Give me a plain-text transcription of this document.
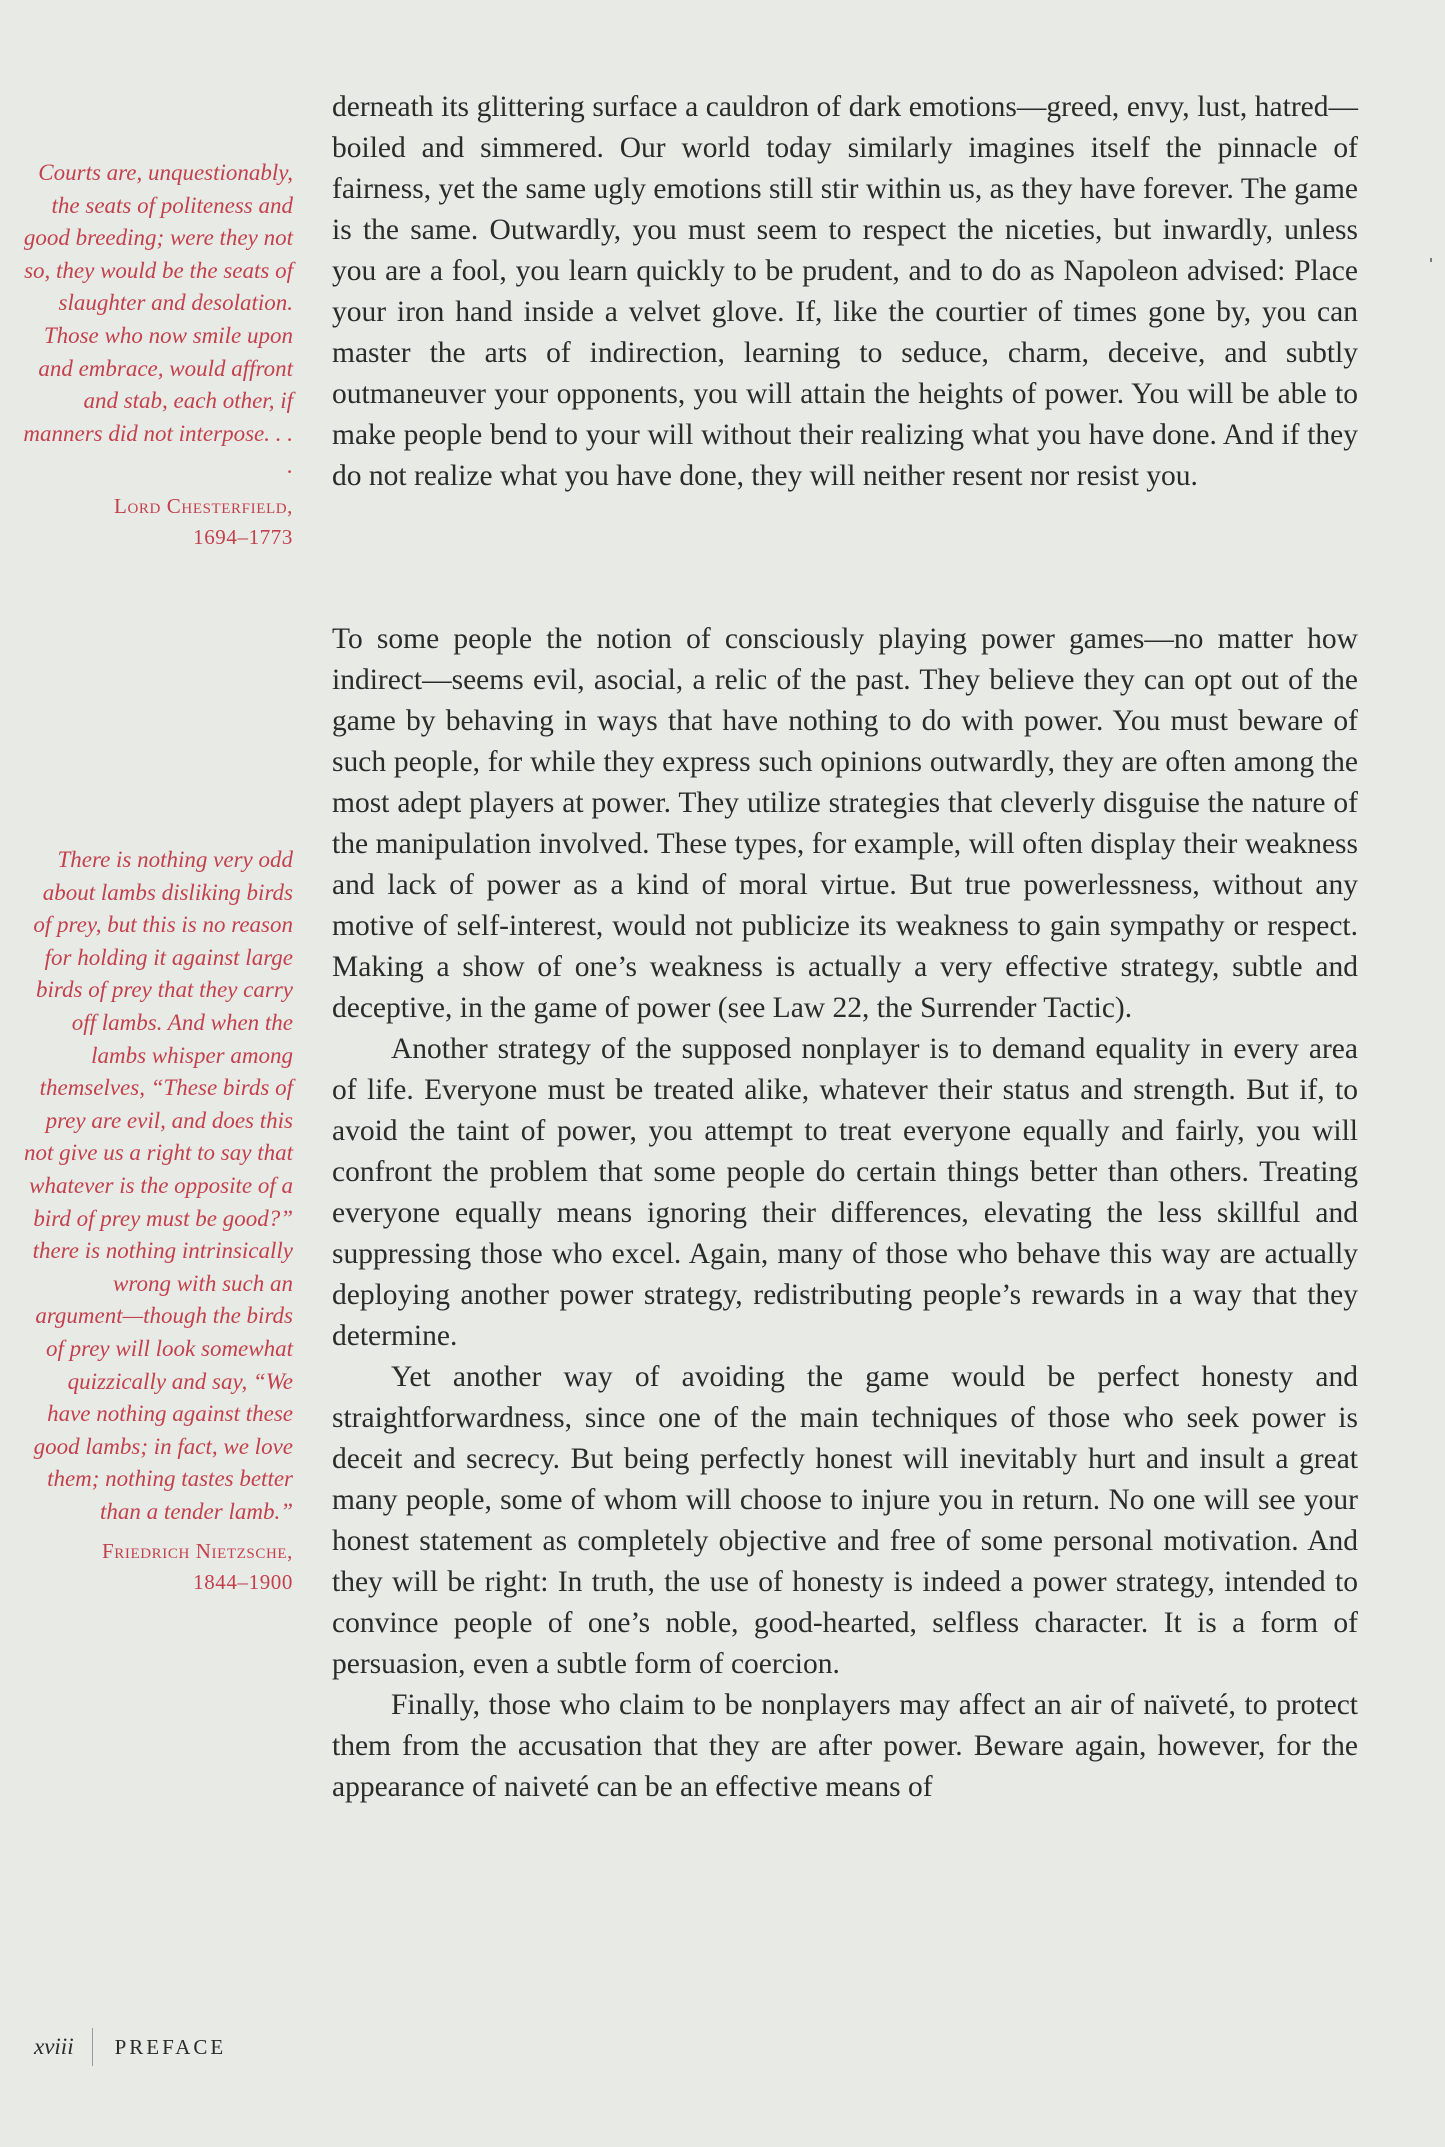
Courts are, unquestionably, the seats of politeness and good breeding; were they not so, they would be the seats of slaughter and desolation. Those who now smile upon and embrace, would affront and stab, each other, if manners did not interpose. . . .
Lord Chesterfield,
1694–1773
There is nothing very odd about lambs disliking birds of prey, but this is no reason for holding it against large birds of prey that they carry off lambs. And when the lambs whisper among themselves, “These birds of prey are evil, and does this not give us a right to say that whatever is the opposite of a bird of prey must be good?” there is nothing intrinsically wrong with such an argument—though the birds of prey will look somewhat quizzically and say, “We have nothing against these good lambs; in fact, we love them; nothing tastes better than a tender lamb.”
Friedrich Nietzsche,
1844–1900

derneath its glittering surface a cauldron of dark emotions—greed, envy, lust, hatred—boiled and simmered. Our world today similarly imagines itself the pinnacle of fairness, yet the same ugly emotions still stir within us, as they have forever. The game is the same. Outwardly, you must seem to respect the niceties, but inwardly, unless you are a fool, you learn quickly to be prudent, and to do as Napoleon advised: Place your iron hand inside a velvet glove. If, like the courtier of times gone by, you can master the arts of indirection, learning to seduce, charm, deceive, and subtly outmaneuver your opponents, you will attain the heights of power. You will be able to make people bend to your will without their realizing what you have done. And if they do not realize what you have done, they will neither resent nor resist you.

To some people the notion of consciously playing power games—no matter how indirect—seems evil, asocial, a relic of the past. They believe they can opt out of the game by behaving in ways that have nothing to do with power. You must beware of such people, for while they express such opinions outwardly, they are often among the most adept players at power. They utilize strategies that cleverly disguise the nature of the manipulation involved. These types, for example, will often display their weakness and lack of power as a kind of moral virtue. But true powerlessness, without any motive of self-interest, would not publicize its weakness to gain sympathy or respect. Making a show of one’s weakness is actually a very effective strategy, subtle and deceptive, in the game of power (see Law 22, the Surrender Tactic).

Another strategy of the supposed nonplayer is to demand equality in every area of life. Everyone must be treated alike, whatever their status and strength. But if, to avoid the taint of power, you attempt to treat everyone equally and fairly, you will confront the problem that some people do certain things better than others. Treating everyone equally means ignoring their differences, elevating the less skillful and suppressing those who excel. Again, many of those who behave this way are actually deploying another power strategy, redistributing people’s rewards in a way that they determine.

Yet another way of avoiding the game would be perfect honesty and straightforwardness, since one of the main techniques of those who seek power is deceit and secrecy. But being perfectly honest will inevitably hurt and insult a great many people, some of whom will choose to injure you in return. No one will see your honest statement as completely objective and free of some personal motivation. And they will be right: In truth, the use of honesty is indeed a power strategy, intended to convince people of one’s noble, good-hearted, selfless character. It is a form of persuasion, even a subtle form of coercion.

Finally, those who claim to be nonplayers may affect an air of naïveté, to protect them from the accusation that they are after power. Beware again, however, for the appearance of naiveté can be an effective means of

xviii	PREFACE
